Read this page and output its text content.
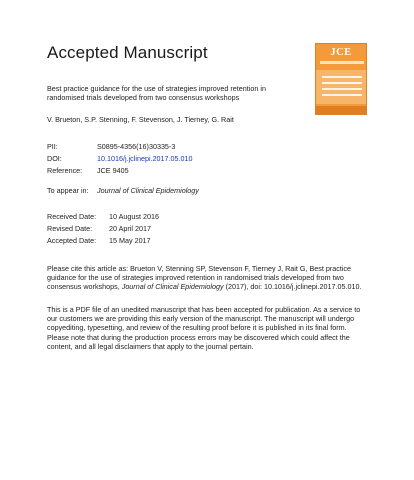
Accepted Manuscript	JCE
Best practice guidance for the use of strategies improved retention in randomised trials developed from two consensus workshops
V. Brueton, S.P. Stenning, F. Stevenson, J. Tierney, G. Rait
PII:	S0895-4356(16)30335-3
DOI:	10.1016/j.jclinepi.2017.05.010
Reference: JCE 9405
To appear in: Journal of Clinical Epidemiology
Received Date: 10 August 2016
Revised Date: 20 April 2017
Accepted Date: 15 May 2017
Please cite this article as: Brueton V, Stenning SP, Stevenson F, Tierney J, Rait G, Best practice guidance for the use of strategies improved retention in randomised trials developed from two consensus workshops, Journal of Clinical Epidemiology (2017), doi: 10.1016/j.jclinepi.2017.05.010.
This is a PDF file of an unedited manuscript that has been accepted for publication. As a service to our customers we are providing this early version of the manuscript. The manuscript will undergo copyediting, typesetting, and review of the resulting proof before it is published in its final form. Please note that during the production process errors may be discovered which could affect the content, and all legal disclaimers that apply to the journal pertain.
